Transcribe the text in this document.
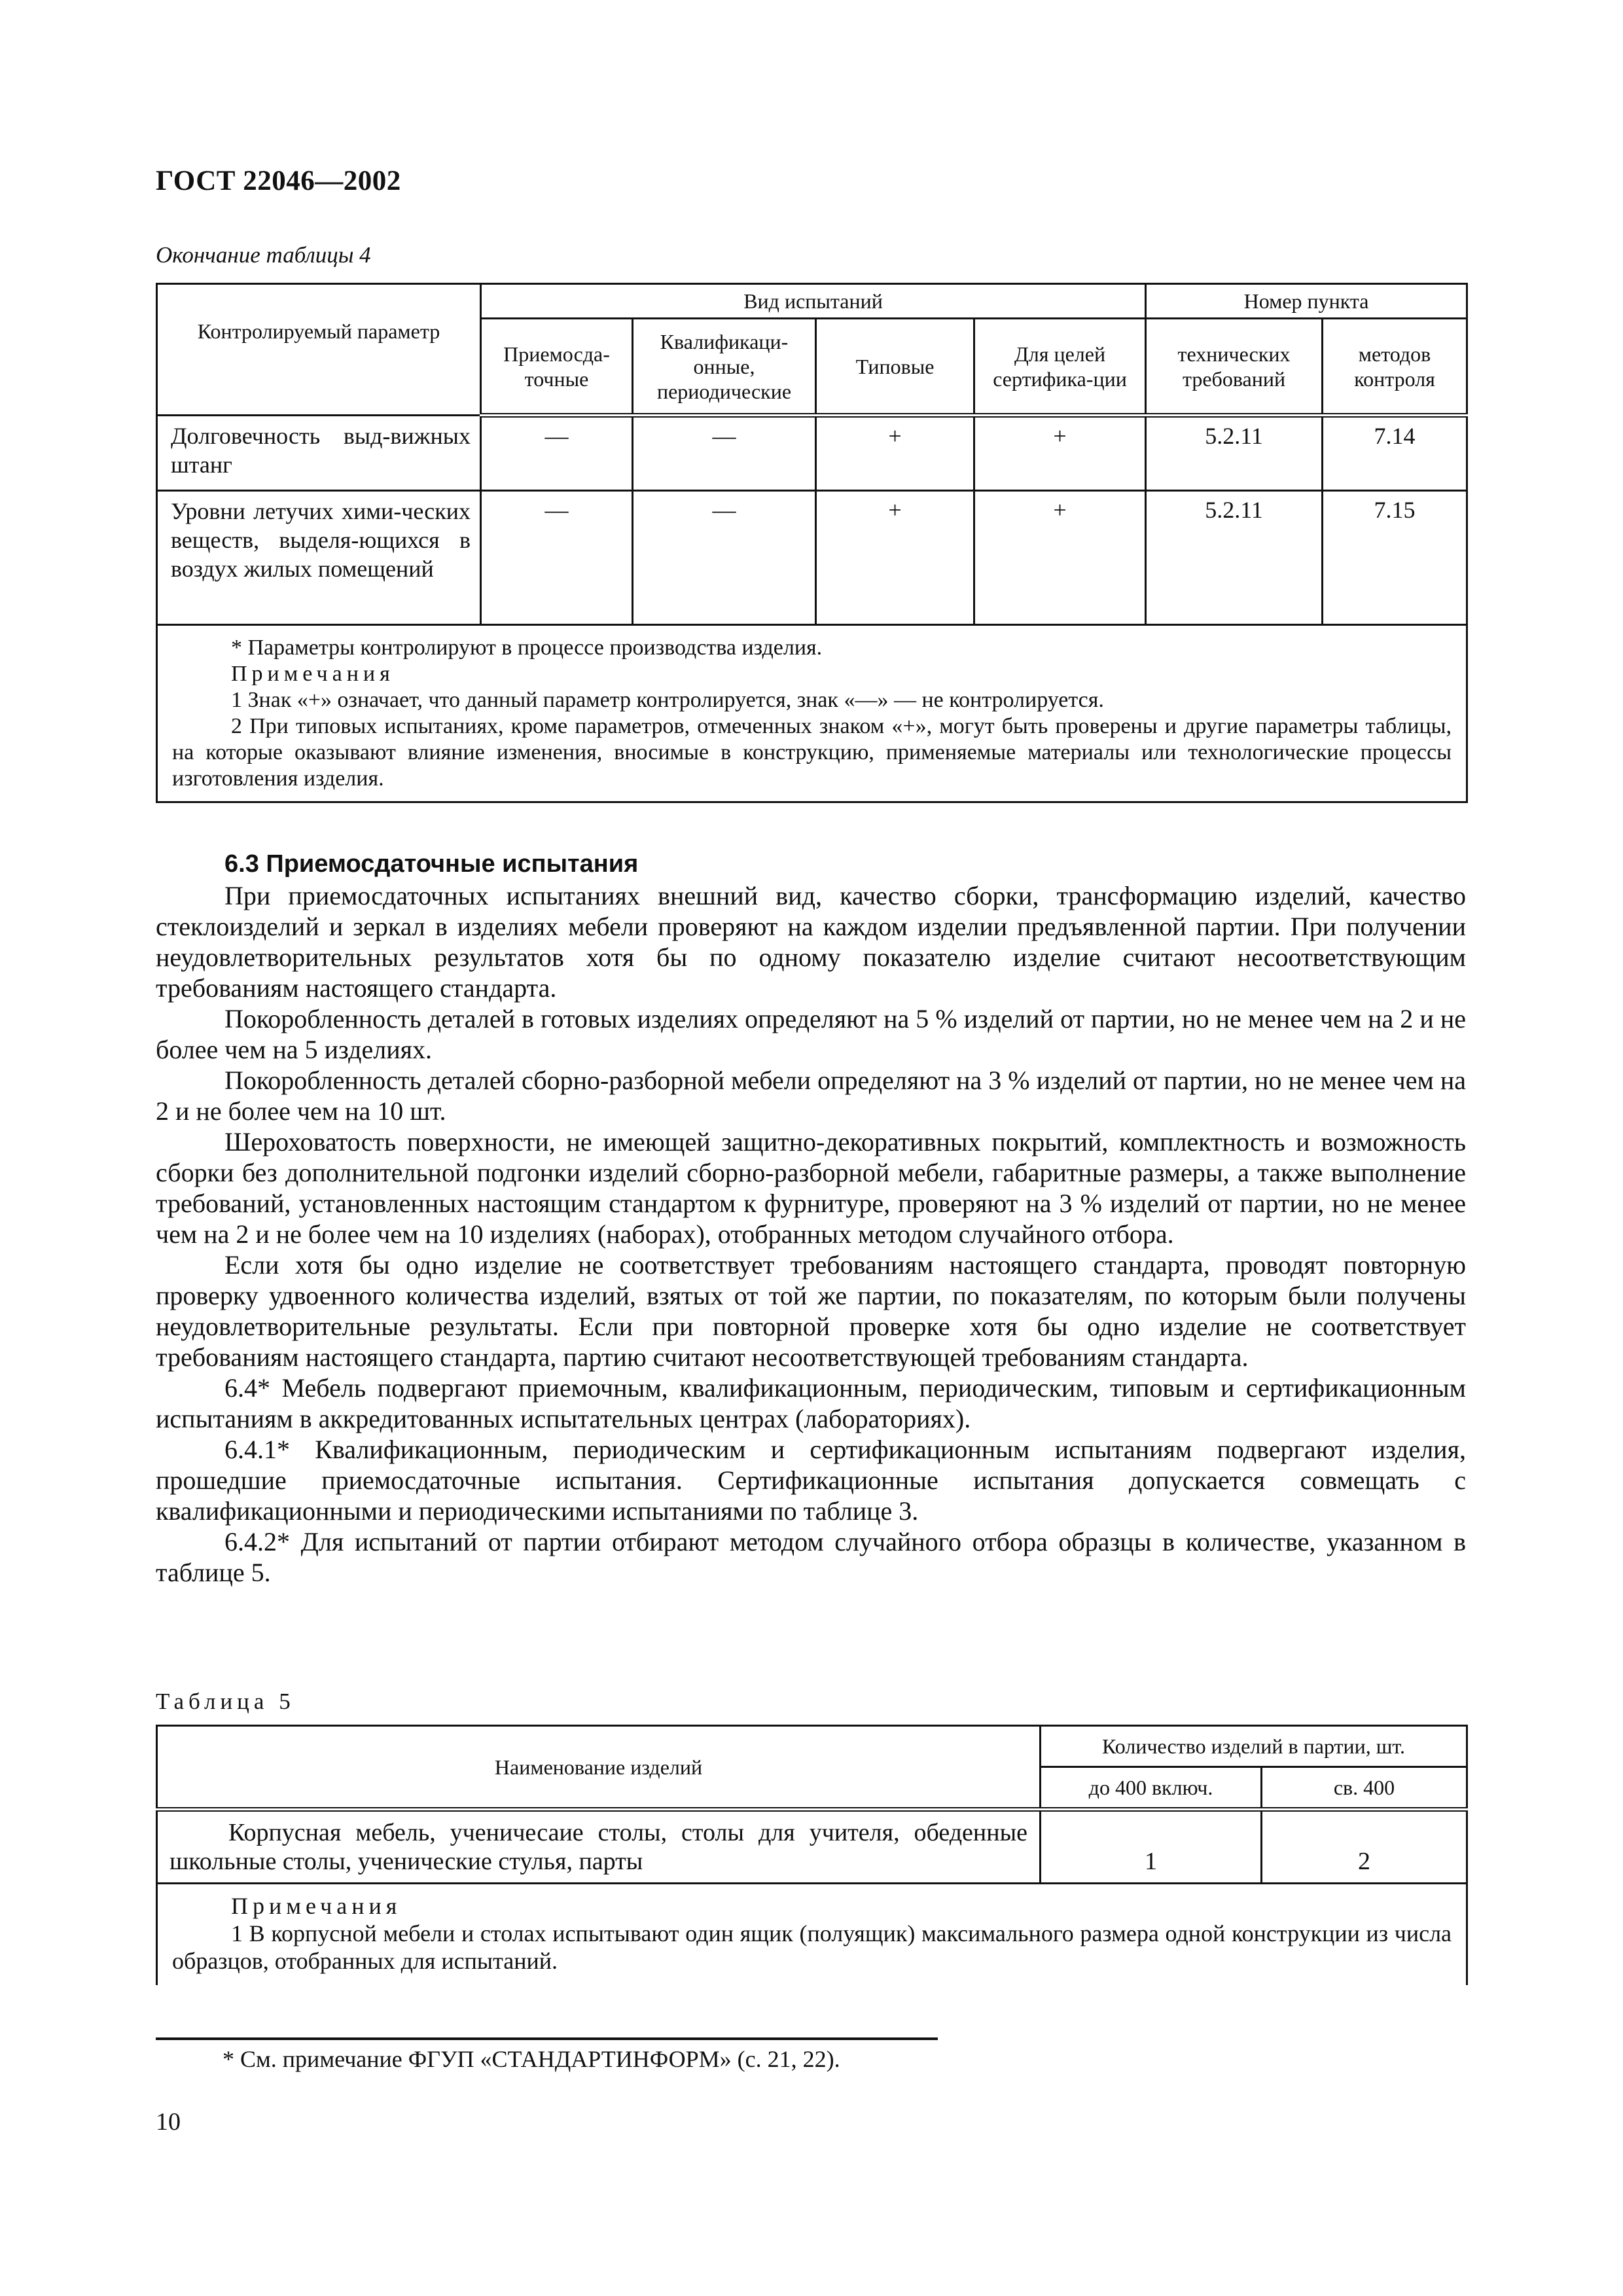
ГОСТ 22046—2002
Окончание таблицы 4
Контролируемый параметр	Вид испытаний				Номер пункта	
	Приемосда-точные	Квалификаци-онные, периодические	Типовые	Для целей сертифика-ции	технических требований	методов контроля
Долговечность выд-вижных штанг	—	—	+	+	5.2.11	7.14
Уровни летучих хими-ческих веществ, выделя-ющихся в воздух жилых помещений	—	—	+	+	5.2.11	7.15

* Параметры контролируют в процессе производства изделия.

Примечания

1 Знак «+» означает, что данный параметр контролируется, знак «—» — не контролируется.

2 При типовых испытаниях, кроме параметров, отмеченных знаком «+», могут быть проверены и другие параметры таблицы, на которые оказывают влияние изменения, вносимые в конструкцию, применяемые материалы или технологические процессы изготовления изделия.						

6.3 Приемосдаточные испытания

При приемосдаточных испытаниях внешний вид, качество сборки, трансформацию изделий, качество стеклоизделий и зеркал в изделиях мебели проверяют на каждом изделии предъявленной партии. При получении неудовлетворительных результатов хотя бы по одному показателю изделие считают несоответствующим требованиям настоящего стандарта.

Покоробленность деталей в готовых изделиях определяют на 5 % изделий от партии, но не менее чем на 2 и не более чем на 5 изделиях.

Покоробленность деталей сборно-разборной мебели определяют на 3 % изделий от партии, но не менее чем на 2 и не более чем на 10 шт.

Шероховатость поверхности, не имеющей защитно-декоративных покрытий, комплектность и возможность сборки без дополнительной подгонки изделий сборно-разборной мебели, габаритные размеры, а также выполнение требований, установленных настоящим стандартом к фурнитуре, проверяют на 3 % изделий от партии, но не менее чем на 2 и не более чем на 10 изделиях (наборах), отобранных методом случайного отбора.

Если хотя бы одно изделие не соответствует требованиям настоящего стандарта, проводят повторную проверку удвоенного количества изделий, взятых от той же партии, по показателям, по которым были получены неудовлетворительные результаты. Если при повторной проверке хотя бы одно изделие не соответствует требованиям настоящего стандарта, партию считают несоответствующей требованиям стандарта.

6.4* Мебель подвергают приемочным, квалификационным, периодическим, типовым и сертификационным испытаниям в аккредитованных испытательных центрах (лабораториях).

6.4.1* Квалификационным, периодическим и сертификационным испытаниям подвергают изделия, прошедшие приемосдаточные испытания. Сертификационные испытания допускается совмещать с квалификационными и периодическими испытаниями по таблице 3.

6.4.2* Для испытаний от партии отбирают методом случайного отбора образцы в количестве, указанном в таблице 5.

Таблица 5
Наименование изделий	Количество изделий в партии, шт.	
	до 400 включ.	св. 400
Корпусная мебель, ученичесаие столы, столы для учителя, обеденные школьные столы, ученические стулья, парты	1	2

Примечания

1 В корпусной мебели и столах испытывают один ящик (полуящик) максимального размера одной конструкции из числа образцов, отобранных для испытаний.		

* См. примечание ФГУП «СТАНДАРТИНФОРМ» (с. 21, 22).
10
